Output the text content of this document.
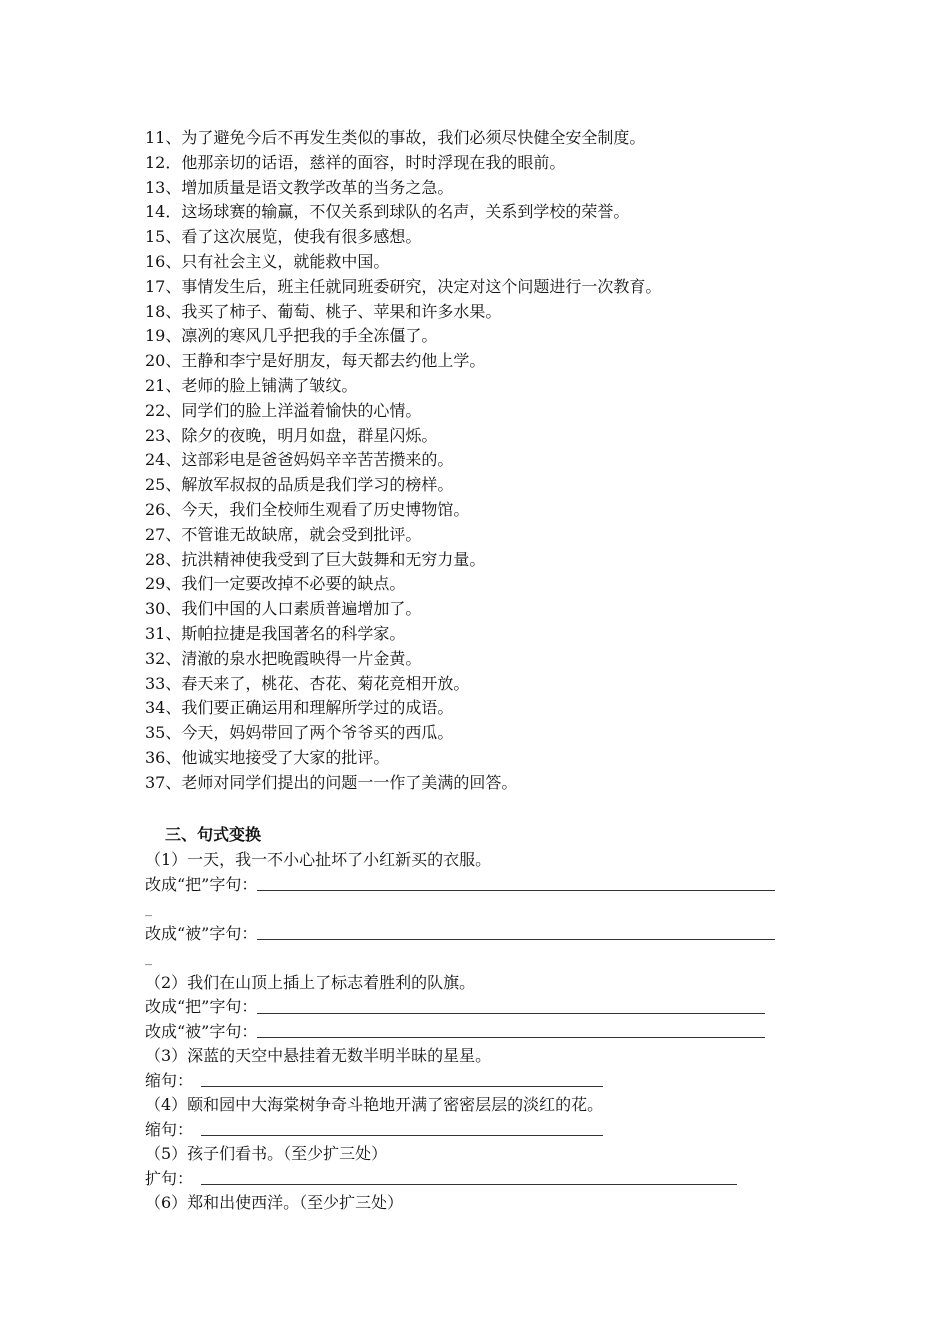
11、为了避免今后不再发生类似的事故，我们必须尽快健全安全制度。
12．他那亲切的话语，慈祥的面容，时时浮现在我的眼前。
13、增加质量是语文教学改革的当务之急。
14．这场球赛的输赢，不仅关系到球队的名声，关系到学校的荣誉。
15、看了这次展览，使我有很多感想。
16、只有社会主义，就能救中国。
17、事情发生后，班主任就同班委研究，决定对这个问题进行一次教育。
18、我买了柿子、葡萄、桃子、苹果和许多水果。
19、凛冽的寒风几乎把我的手全冻僵了。
20、王静和李宁是好朋友，每天都去约他上学。
21、老师的脸上铺满了皱纹。
22、同学们的脸上洋溢着愉快的心情。
23、除夕的夜晚，明月如盘，群星闪烁。
24、这部彩电是爸爸妈妈辛辛苦苦攒来的。
25、解放军叔叔的品质是我们学习的榜样。
26、今天，我们全校师生观看了历史博物馆。
27、不管谁无故缺席，就会受到批评。
28、抗洪精神使我受到了巨大鼓舞和无穷力量。
29、我们一定要改掉不必要的缺点。
30、我们中国的人口素质普遍增加了。
31、斯帕拉捷是我国著名的科学家。
32、清澈的泉水把晚霞映得一片金黄。
33、春天来了，桃花、杏花、菊花竞相开放。
34、我们要正确运用和理解所学过的成语。
35、今天，妈妈带回了两个爷爷买的西瓜。
36、他诚实地接受了大家的批评。
37、老师对同学们提出的问题一一作了美满的回答。
三、句式变换
（1）一天，我一不小心扯坏了小红新买的衣服。
改成“把”字句：
_
改成“被”字句：
_
（2）我们在山顶上插上了标志着胜利的队旗。
改成“把”字句：
改成“被”字句：
（3）深蓝的天空中悬挂着无数半明半昧的星星。
缩句：
（4）颐和园中大海棠树争奇斗艳地开满了密密层层的淡红的花。
缩句：
（5）孩子们看书。（至少扩三处）
扩句：
（6）郑和出使西洋。（至少扩三处）
